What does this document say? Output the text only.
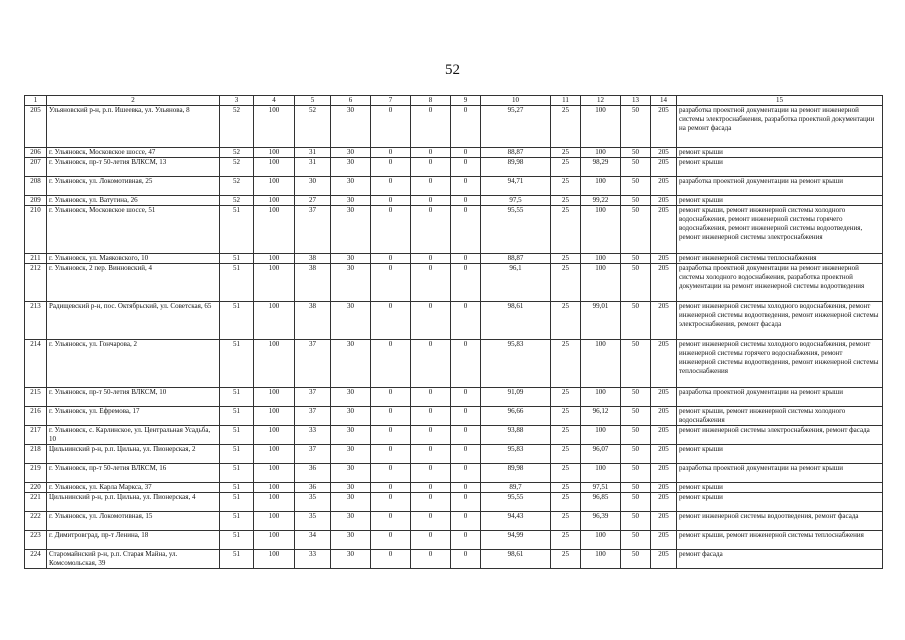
52
1	2	3	4	5	6	7	8	9	10	11	12	13	14	15
205	Ульяновский р-н, р.п. Ишеевка, ул. Ульянова, 8	52	100	52	30	0	0	0	95,27	25	100	50	205	разработка проектной документации на ремонт инженерной системы электроснабжения, разработка проектной документации на ремонт фасада
206	г. Ульяновск, Московское шоссе, 47	52	100	31	30	0	0	0	88,87	25	100	50	205	ремонт крыши
207	г. Ульяновск, пр-т 50-летия ВЛКСМ, 13	52	100	31	30	0	0	0	89,98	25	98,29	50	205	ремонт крыши
208	г. Ульяновск, ул. Локомотивная, 25	52	100	30	30	0	0	0	94,71	25	100	50	205	разработка проектной документации на ремонт крыши
209	г. Ульяновск, ул. Ватутина, 26	52	100	27	30	0	0	0	97,5	25	99,22	50	205	ремонт крыши
210	г. Ульяновск, Московское шоссе, 51	51	100	37	30	0	0	0	95,55	25	100	50	205	ремонт крыши, ремонт инженерной системы холодного водоснабжения, ремонт инженерной системы горячего водоснабжения, ремонт инженерной системы водоотведения, ремонт инженерной системы электроснабжения
211	г. Ульяновск, ул. Маяковского, 10	51	100	38	30	0	0	0	88,87	25	100	50	205	ремонт инженерной системы теплоснабжения
212	г. Ульяновск, 2 пер. Винновский, 4	51	100	38	30	0	0	0	96,1	25	100	50	205	разработка проектной документации на ремонт инженерной системы холодного водоснабжения, разработка проектной документации на ремонт инженерной системы водоотведения
213	Радищевский р-н, пос. Октябрьский, ул. Советская, 65	51	100	38	30	0	0	0	98,61	25	99,01	50	205	ремонт инженерной системы холодного водоснабжения, ремонт инженерной системы водоотведения, ремонт инженерной системы электроснабжения, ремонт фасада
214	г. Ульяновск, ул. Гончарова, 2	51	100	37	30	0	0	0	95,83	25	100	50	205	ремонт инженерной системы холодного водоснабжения, ремонт инженерной системы горячего водоснабжения, ремонт инженерной системы водоотведения, ремонт инженерной системы теплоснабжения
215	г. Ульяновск, пр-т 50-летия ВЛКСМ, 10	51	100	37	30	0	0	0	91,09	25	100	50	205	разработка проектной документации на ремонт крыши
216	г. Ульяновск, ул. Ефремова, 17	51	100	37	30	0	0	0	96,66	25	96,12	50	205	ремонт крыши, ремонт инженерной системы холодного водоснабжения
217	г. Ульяновск, с. Карлинское, ул. Центральная Усадьба, 10	51	100	33	30	0	0	0	93,88	25	100	50	205	ремонт инженерной системы электроснабжения, ремонт фасада
218	Цильнинский р-н, р.п. Цильна, ул. Пионерская, 2	51	100	37	30	0	0	0	95,83	25	96,07	50	205	ремонт крыши
219	г. Ульяновск, пр-т 50-летия ВЛКСМ, 16	51	100	36	30	0	0	0	89,98	25	100	50	205	разработка проектной документации на ремонт крыши
220	г. Ульяновск, ул. Карла Маркса, 37	51	100	36	30	0	0	0	89,7	25	97,51	50	205	ремонт крыши
221	Цильнинский р-н, р.п. Цильна, ул. Пионерская, 4	51	100	35	30	0	0	0	95,55	25	96,85	50	205	ремонт крыши
222	г. Ульяновск, ул. Локомотивная, 15	51	100	35	30	0	0	0	94,43	25	96,39	50	205	ремонт инженерной системы водоотведения, ремонт фасада
223	г. Димитровград, пр-т Ленина, 18	51	100	34	30	0	0	0	94,99	25	100	50	205	ремонт крыши, ремонт инженерной системы теплоснабжения
224	Старомайнский р-н, р.п. Старая Майна, ул. Комсомольская, 39	51	100	33	30	0	0	0	98,61	25	100	50	205	ремонт фасада
